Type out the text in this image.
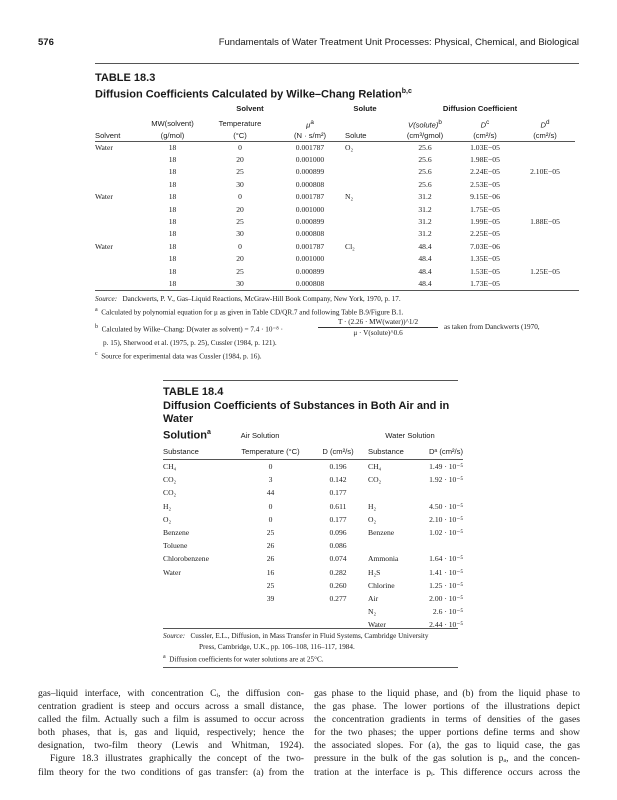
576	Fundamentals of Water Treatment Unit Processes: Physical, Chemical, and Biological
TABLE 18.3
Diffusion Coefficients Calculated by Wilke–Chang Relation$^{b,c}$
Solvent	Solute	Diffusion Coefficient
	MW(solvent)	Temperature	$\mu^a$		V(solute)$^b$	$D^c$	$D^d$
Solvent	(g/mol)	(°C)	(N · s/m²)	Solute	(cm³/gmol)	(cm²/s)	(cm²/s)
Water	18	0	0.001787	O₂	25.6	1.03E−05	
	18	20	0.001000		25.6	1.98E−05	
	18	25	0.000899		25.6	2.24E−05	2.10E−05
	18	30	0.000808		25.6	2.53E−05	
Water	18	0	0.001787	N₂	31.2	9.15E−06	
	18	20	0.001000		31.2	1.75E−05	
	18	25	0.000899		31.2	1.99E−05	1.88E−05
	18	30	0.000808		31.2	2.25E−05	
Water	18	0	0.001787	Cl₂	48.4	7.03E−06	
	18	20	0.001000		48.4	1.35E−05	
	18	25	0.000899		48.4	1.53E−05	1.25E−05
	18	30	0.000808		48.4	1.73E−05	
Source: Danckwerts, P. V., Gas–Liquid Reactions, McGraw-Hill Book Company, New York, 1970, p. 17.
$^a$ Calculated by polynomial equation for μ as given in Table CD/QR.7 and following Table B.9/Figure B.1.
$^b$ Calculated by Wilke–Chang: D(water as solvent) = 7.4 · 10⁻⁸ ·
T · (2.26 · MW(water))^1/2
μ · V(solute)^0.6
as taken from Danckwerts (1970,
p. 15), Sherwood et al. (1975, p. 25), Cussler (1984, p. 121).
$^c$ Source for experimental data was Cussler (1984, p. 16).
TABLE 18.4
Diffusion Coefficients of Substances in Both Air and in Water
Solution$^a$	Air Solution	Water Solution
Substance	Temperature (°C)	D (cm²/s)	Substance	Dᵃ (cm²/s)
CH₄	0	0.196	CH₄	1.49 · 10⁻⁵
CO₂	3	0.142	CO₂	1.92 · 10⁻⁵
CO₂	44	0.177		
H₂	0	0.611	H₂	4.50 · 10⁻⁵
O₂	0	0.177	O₂	2.10 · 10⁻⁵
Benzene	25	0.096	Benzene	1.02 · 10⁻⁵
Toluene	26	0.086		
Chlorobenzene	26	0.074	Ammonia	1.64 · 10⁻⁵
Water	16	0.282	H₂S	1.41 · 10⁻⁵
	25	0.260	Chlorine	1.25 · 10⁻⁵
	39	0.277	Air	2.00 · 10⁻⁵
			N₂	2.6 · 10⁻⁵
			Water	2.44 · 10⁻⁵
Source: Cussler, E.L., Diffusion, in Mass Transfer in Fluid Systems, Cambridge University
Press, Cambridge, U.K., pp. 106–108, 116–117, 1984.
$^a$ Diffusion coefficients for water solutions are at 25°C.
gas–liquid interface, with concentration Cᵢ, the diffusion con-
centration gradient is steep and occurs across a small distance,
called the film. Actually such a film is assumed to occur across
both phases, that is, gas and liquid, respectively; hence the
designation, two-film theory (Lewis and Whitman, 1924).
Figure 18.3 illustrates graphically the concept of the two-
film theory for the two conditions of gas transfer: (a) from the
gas phase to the liquid phase, and (b) from the liquid phase to
the gas phase. The lower portions of the illustrations depict
the concentration gradients in terms of densities of the gases
for the two phases; the upper portions define terms and show
the associated slopes. For (a), the gas to liquid case, the gas
pressure in the bulk of the gas solution is pₐ, and the concen-
tration at the interface is pᵢ. This difference occurs across the
